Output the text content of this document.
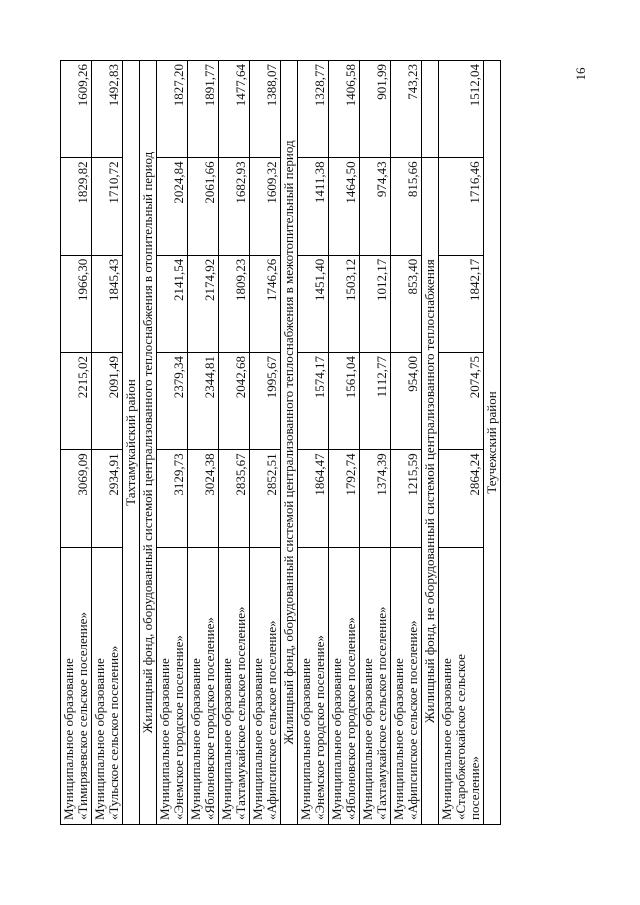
16
Муниципальное образование «Тимирязевское сельское поселение»	3069,09	2215,02	1966,30	1829,82	1609,26

Муниципальное образование «Тульское сельское поселение»	2934,91	2091,49	1845,43	1710,72	1492,83
Тахтамукайский район					
Жилищный фонд, оборудованный системой централизованного теплоснабжения в отопительный период					

Муниципальное образование «Энемское городское поселение»	3129,73	2379,34	2141,54	2024,84	1827,20

Муниципальное образование «Яблоновское городское поселение»	3024,38	2344,81	2174,92	2061,66	1891,77

Муниципальное образование «Тахтамукайское сельское поселение»	2835,67	2042,68	1809,23	1682,93	1477,64

Муниципальное образование «Афипсипское сельское поселение»	2852,51	1995,67	1746,26	1609,32	1388,07
Жилищный фонд, оборудованный системой централизованного теплоснабжения в межотопительный период					

Муниципальное образование «Энемское городское поселение»	1864,47	1574,17	1451,40	1411,38	1328,77

Муниципальное образование «Яблоновское городское поселение»	1792,74	1561,04	1503,12	1464,50	1406,58

Муниципальное образование «Тахтамукайское сельское поселение»	1374,39	1112,77	1012,17	974,43	901,99

Муниципальное образование «Афипсипское сельское поселение»	1215,59	954,00	853,40	815,66	743,23
Жилищный фонд, не оборудованный системой централизованного теплоснабжения					

Муниципальное образование «Старобжегокайское сельское поселение»	2864,24	2074,75	1842,17	1716,46	1512,04
Теучежский район					
